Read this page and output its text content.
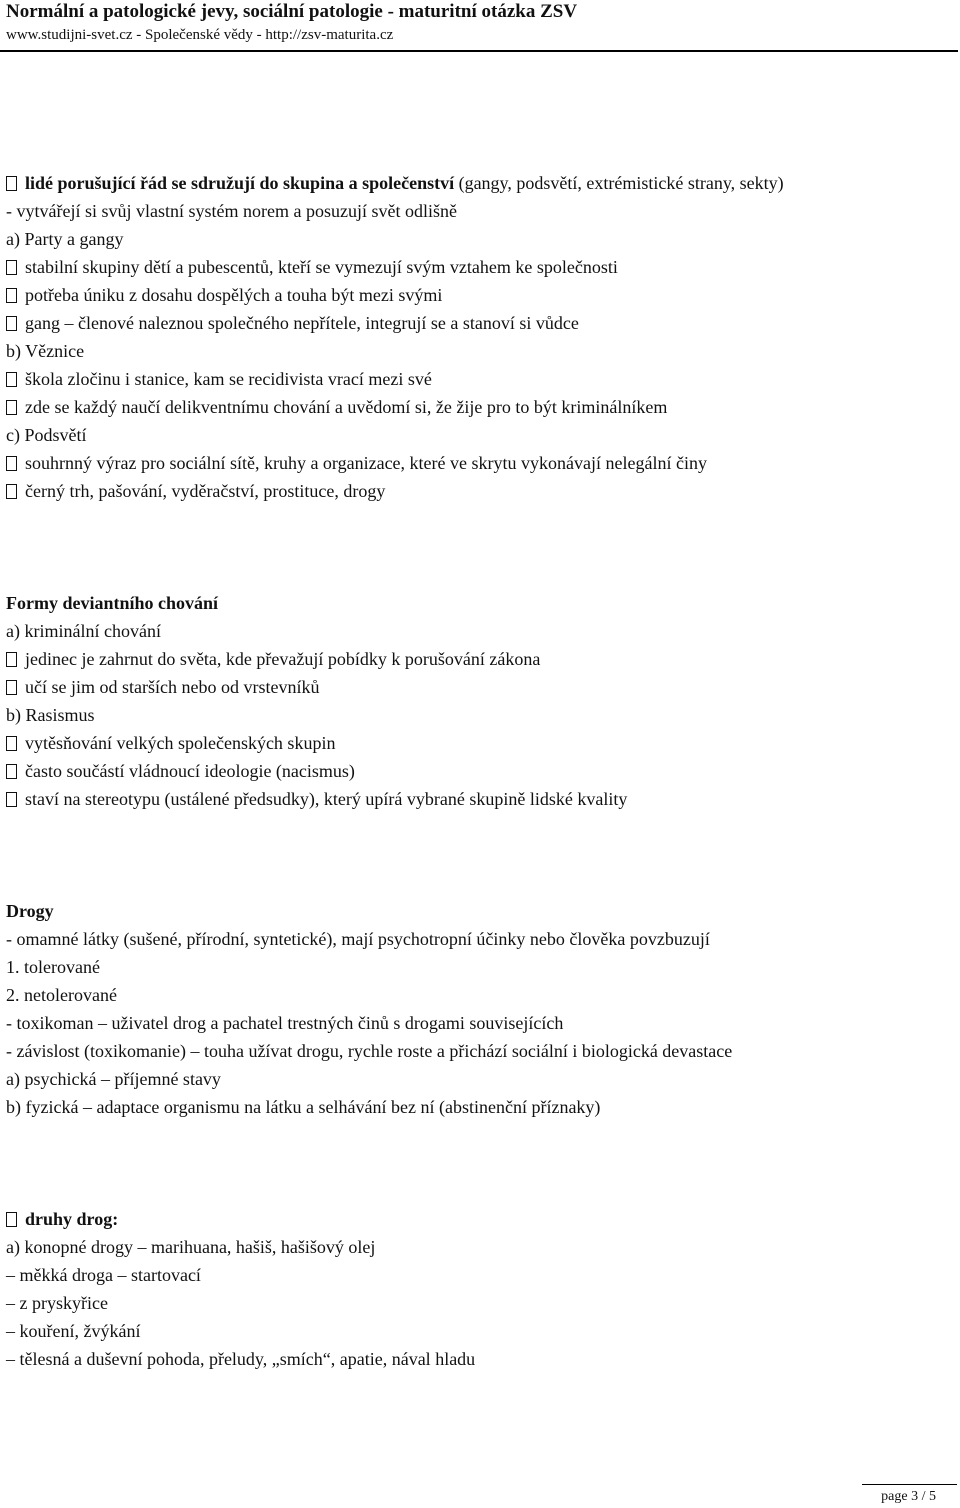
Normální a patologické jevy, sociální patologie - maturitní otázka ZSV
www.studijni-svet.cz - Společenské vědy - http://zsv-maturita.cz
lidé porušující řád se sdružují do skupina a společenství (gangy, podsvětí, extrémistické strany, sekty)
- vytvářejí si svůj vlastní systém norem a posuzují svět odlišně
a) Party a gangy
stabilní skupiny dětí a pubescentů, kteří se vymezují svým vztahem ke společnosti
potřeba úniku z dosahu dospělých a touha být mezi svými
gang – členové naleznou společného nepřítele, integrují se a stanoví si vůdce
b) Věznice
škola zločinu i stanice, kam se recidivista vrací mezi své
zde se každý naučí delikventnímu chování a uvědomí si, že žije pro to být kriminálníkem
c) Podsvětí
souhrnný výraz pro sociální sítě, kruhy a organizace, které ve skrytu vykonávají nelegální činy
černý trh, pašování, vyděračství, prostituce, drogy
Formy deviantního chování
a) kriminální chování
jedinec je zahrnut do světa, kde převažují pobídky k porušování zákona
učí se jim od starších nebo od vrstevníků
b) Rasismus
vytěsňování velkých společenských skupin
často součástí vládnoucí ideologie (nacismus)
staví na stereotypu (ustálené předsudky), který upírá vybrané skupině lidské kvality
Drogy
- omamné látky (sušené, přírodní, syntetické), mají psychotropní účinky nebo člověka povzbuzují
1. tolerované
2. netolerované
- toxikoman – uživatel drog a pachatel trestných činů s drogami souvisejících
- závislost (toxikomanie) – touha užívat drogu, rychle roste a přichází sociální i biologická devastace
a) psychická – příjemné stavy
b) fyzická – adaptace organismu na látku a selhávání bez ní (abstinenční příznaky)
druhy drog:
a) konopné drogy – marihuana, hašiš, hašišový olej
– měkká droga – startovací
– z pryskyřice
– kouření, žvýkání
– tělesná a duševní pohoda, přeludy, „smích“, apatie, nával hladu
page 3 / 5
